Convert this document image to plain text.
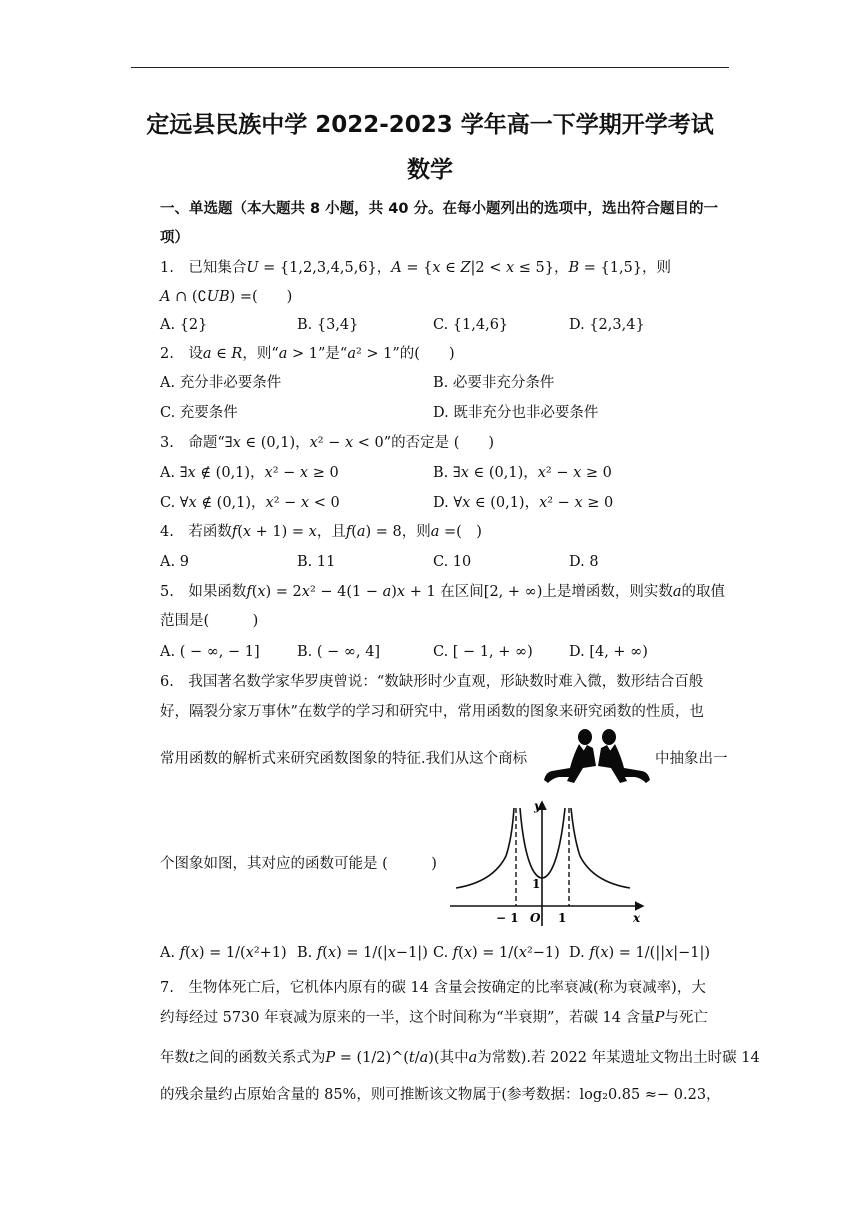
定远县民族中学 2022-2023 学年高一下学期开学考试
数学
一、单选题（本大题共 8 小题，共 40 分。在每小题列出的选项中，选出符合题目的一
项）
1.　已知集合𝑈 = {1,2,3,4,5,6}，𝐴 = {𝑥 ∈ 𝑍|2 < 𝑥 ≤ 5}，𝐵 = {1,5}，则
𝐴 ∩ (∁𝑈𝐵) =(　　)
A. {2}	B. {3,4}	C. {1,4,6}	D. {2,3,4}
2.　设𝑎 ∈ 𝑅，则“𝑎 > 1”是“𝑎² > 1”的(　　)
A. 充分非必要条件	B. 必要非充分条件
C. 充要条件	D. 既非充分也非必要条件
3.　命题“∃𝑥 ∈ (0,1)，𝑥² − 𝑥 < 0”的否定是 (　　)
A. ∃𝑥 ∉ (0,1)，𝑥² − 𝑥 ≥ 0	B. ∃𝑥 ∈ (0,1)，𝑥² − 𝑥 ≥ 0
C. ∀𝑥 ∉ (0,1)，𝑥² − 𝑥 < 0	D. ∀𝑥 ∈ (0,1)，𝑥² − 𝑥 ≥ 0
4.　若函数𝑓(𝑥 + 1) = 𝑥，且𝑓(𝑎) = 8，则𝑎 =(　)
A. 9	B. 11	C. 10	D. 8
5.　如果函数𝑓(𝑥) = 2𝑥² − 4(1 − 𝑎)𝑥 + 1 在区间[2, + ∞)上是增函数，则实数𝑎的取值
范围是(　　　)
A. ( − ∞, − 1]	B. ( − ∞, 4]	C. [ − 1, + ∞) D. [4, + ∞)
6.　我国著名数学家华罗庚曾说：“数缺形时少直观，形缺数时难入微，数形结合百般
好，隔裂分家万事休”在数学的学习和研究中，常用函数的图象来研究函数的性质，也
常用函数的解析式来研究函数图象的特征.我们从这个商标	中抽象出一
个图象如图，其对应的函数可能是 (　　　)
y
x
− 1 O 1
1
A. 𝑓(𝑥) = 1/(𝑥²+1) B. 𝑓(𝑥) = 1/(|𝑥−1|) C. 𝑓(𝑥) = 1/(𝑥²−1) D. 𝑓(𝑥) = 1/(||𝑥|−1|)
7.　生物体死亡后，它机体内原有的碳 14 含量会按确定的比率衰减(称为衰减率)，大
约每经过 5730 年衰减为原来的一半，这个时间称为“半衰期”，若碳 14 含量𝑃与死亡
年数𝑡之间的函数关系式为𝑃 = (1/2)^(𝑡/𝑎)(其中𝑎为常数).若 2022 年某遗址文物出土时碳 14
的残余量约占原始含量的 85%，则可推断该文物属于(参考数据：log₂0.85 ≈− 0.23，
